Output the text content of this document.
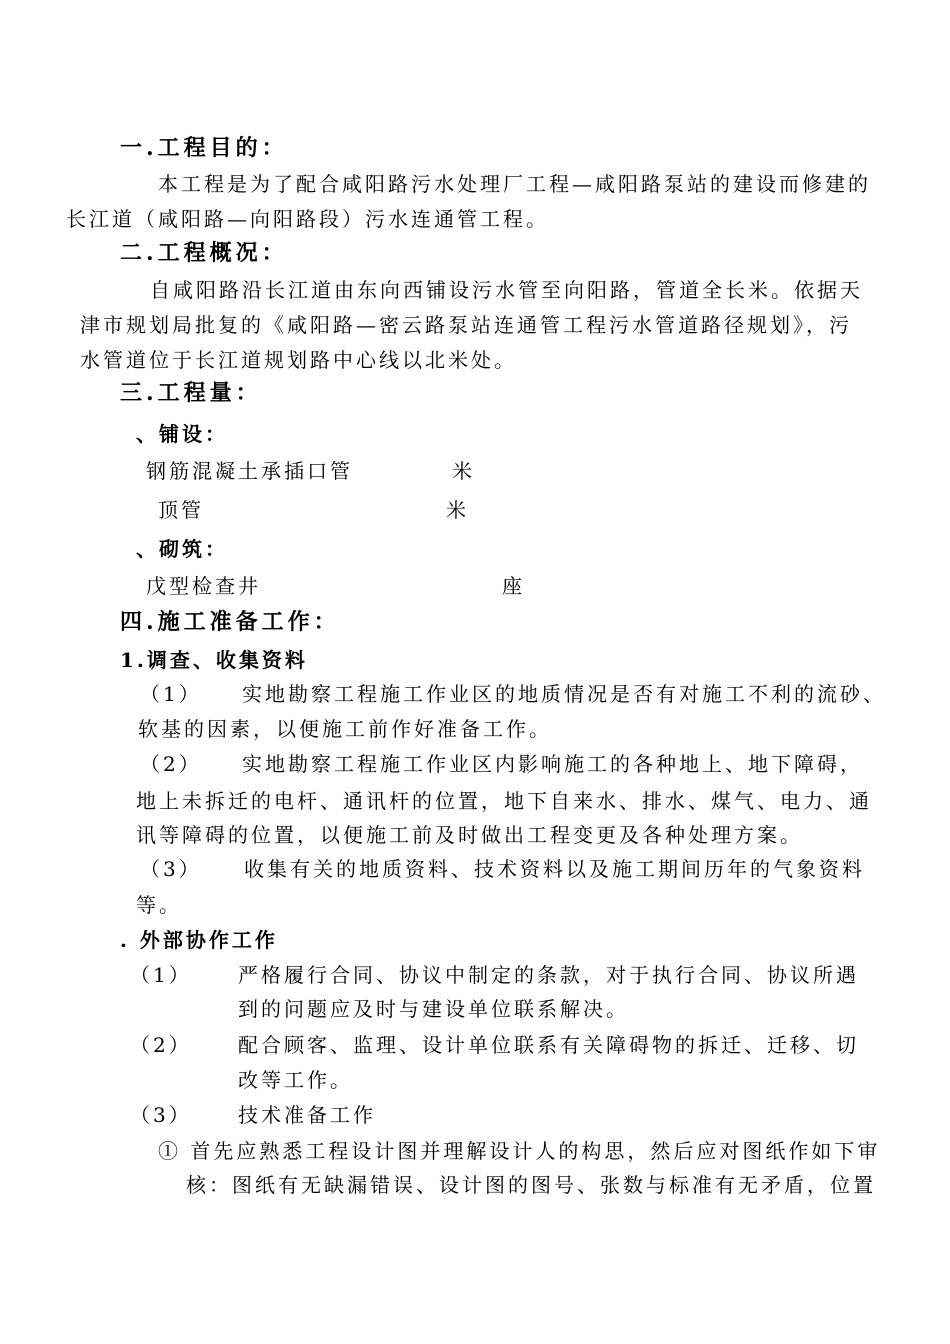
一.工程目的：
本工程是为了配合咸阳路污水处理厂工程—咸阳路泵站的建设而修建的
长江道（咸阳路—向阳路段）污水连通管工程。
二.工程概况：
自咸阳路沿长江道由东向西铺设污水管至向阳路，管道全长米。依据天
津市规划局批复的《咸阳路—密云路泵站连通管工程污水管道路径规划》，污
水管道位于长江道规划路中心线以北米处。
三.工程量：
、铺设：
钢筋混凝土承插口管	米
顶管	米
、砌筑：
戊型检查井	座
四.施工准备工作：
1.调查、收集资料
（1） 实地勘察工程施工作业区的地质情况是否有对施工不利的流砂、
软基的因素，以便施工前作好准备工作。
（2） 实地勘察工程施工作业区内影响施工的各种地上、地下障碍，
地上未拆迁的电杆、通讯杆的位置，地下自来水、排水、煤气、电力、通
讯等障碍的位置，以便施工前及时做出工程变更及各种处理方案。
（3） 收集有关的地质资料、技术资料以及施工期间历年的气象资料
等。
. 外部协作工作
（1） 严格履行合同、协议中制定的条款，对于执行合同、协议所遇
到的问题应及时与建设单位联系解决。
（2） 配合顾客、监理、设计单位联系有关障碍物的拆迁、迁移、切
改等工作。
（3） 技术准备工作
① 首先应熟悉工程设计图并理解设计人的构思，然后应对图纸作如下审
核：图纸有无缺漏错误、设计图的图号、张数与标准有无矛盾，位置
